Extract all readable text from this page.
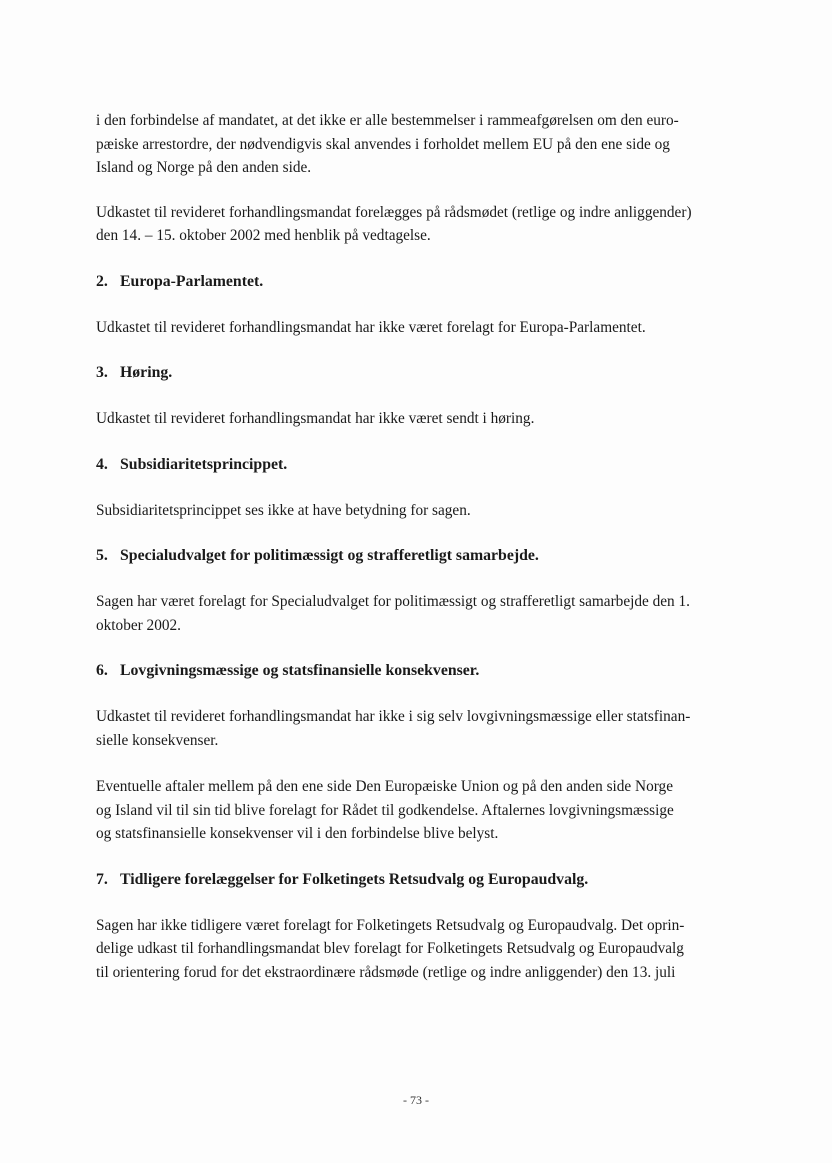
i den forbindelse af mandatet, at det ikke er alle bestemmelser i rammeafgørelsen om den euro-
pæiske arrestordre, der nødvendigvis skal anvendes i forholdet mellem EU på den ene side og
Island og Norge på den anden side.

Udkastet til revideret forhandlingsmandat forelægges på rådsmødet (retlige og indre anliggender)
den 14. – 15. oktober 2002 med henblik på vedtagelse.

2. Europa-Parlamentet.

Udkastet til revideret forhandlingsmandat har ikke været forelagt for Europa-Parlamentet.

3. Høring.

Udkastet til revideret forhandlingsmandat har ikke været sendt i høring.

4. Subsidiaritetsprincippet.

Subsidiaritetsprincippet ses ikke at have betydning for sagen.

5. Specialudvalget for politimæssigt og strafferetligt samarbejde.

Sagen har været forelagt for Specialudvalget for politimæssigt og strafferetligt samarbejde den 1.
oktober 2002.

6. Lovgivningsmæssige og statsfinansielle konsekvenser.

Udkastet til revideret forhandlingsmandat har ikke i sig selv lovgivningsmæssige eller statsfinan-
sielle konsekvenser.

Eventuelle aftaler mellem på den ene side Den Europæiske Union og på den anden side Norge
og Island vil til sin tid blive forelagt for Rådet til godkendelse. Aftalernes lovgivningsmæssige
og statsfinansielle konsekvenser vil i den forbindelse blive belyst.

7. Tidligere forelæggelser for Folketingets Retsudvalg og Europaudvalg.

Sagen har ikke tidligere været forelagt for Folketingets Retsudvalg og Europaudvalg. Det oprin-
delige udkast til forhandlingsmandat blev forelagt for Folketingets Retsudvalg og Europaudvalg
til orientering forud for det ekstraordinære rådsmøde (retlige og indre anliggender) den 13. juli

- 73 -
